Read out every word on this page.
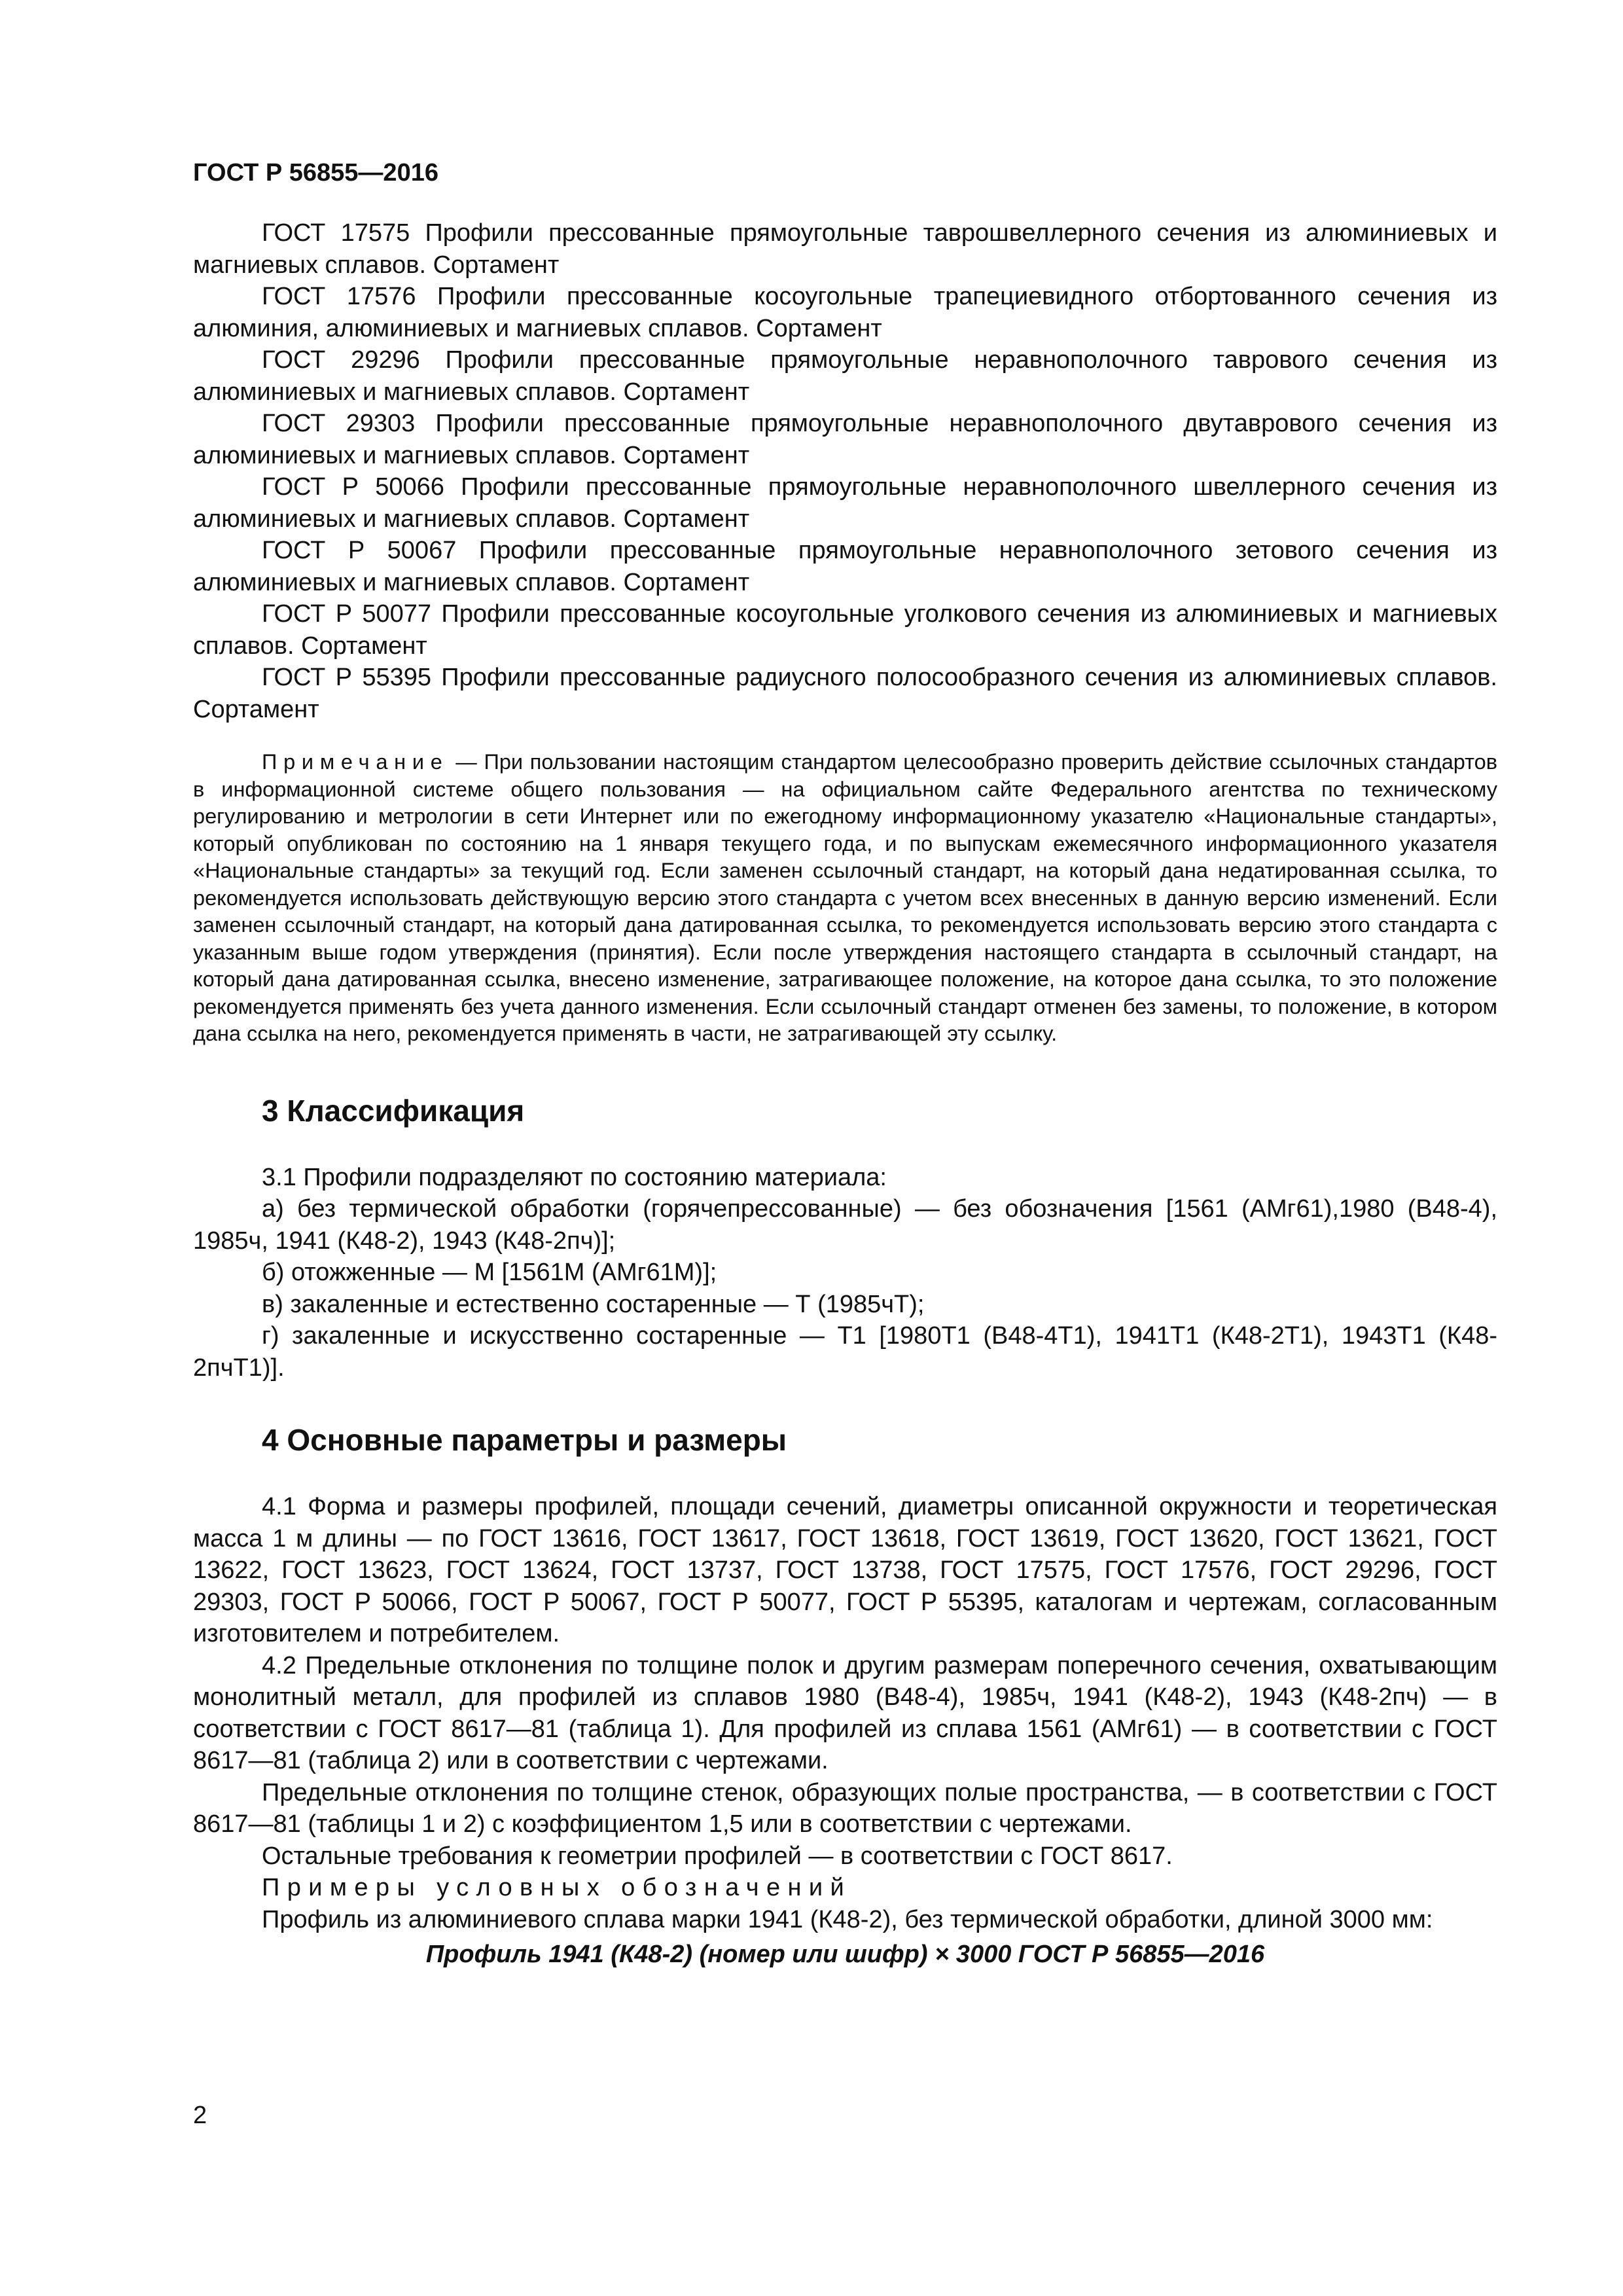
ГОСТ Р 56855—2016

ГОСТ 17575 Профили прессованные прямоугольные таврошвеллерного сечения из алюминиевых и магниевых сплавов. Сортамент

ГОСТ 17576 Профили прессованные косоугольные трапециевидного отбортованного сечения из алюминия, алюминиевых и магниевых сплавов. Сортамент

ГОСТ 29296 Профили прессованные прямоугольные неравнополочного таврового сечения из алюминиевых и магниевых сплавов. Сортамент

ГОСТ 29303 Профили прессованные прямоугольные неравнополочного двутаврового сечения из алюминиевых и магниевых сплавов. Сортамент

ГОСТ Р 50066 Профили прессованные прямоугольные неравнополочного швеллерного сечения из алюминиевых и магниевых сплавов. Сортамент

ГОСТ Р 50067 Профили прессованные прямоугольные неравнополочного зетового сечения из алюминиевых и магниевых сплавов. Сортамент

ГОСТ Р 50077 Профили прессованные косоугольные уголкового сечения из алюминиевых и магниевых сплавов. Сортамент

ГОСТ Р 55395 Профили прессованные радиусного полосообразного сечения из алюминиевых сплавов. Сортамент

Примечание — При пользовании настоящим стандартом целесообразно проверить действие ссылочных стандартов в информационной системе общего пользования — на официальном сайте Федерального агентства по техническому регулированию и метрологии в сети Интернет или по ежегодному информационному указателю «Национальные стандарты», который опубликован по состоянию на 1 января текущего года, и по выпускам ежемесячного информационного указателя «Национальные стандарты» за текущий год. Если заменен ссылочный стандарт, на который дана недатированная ссылка, то рекомендуется использовать действующую версию этого стандарта с учетом всех внесенных в данную версию изменений. Если заменен ссылочный стандарт, на который дана датированная ссылка, то рекомендуется использовать версию этого стандарта с указанным выше годом утверждения (принятия). Если после утверждения настоящего стандарта в ссылочный стандарт, на который дана датированная ссылка, внесено изменение, затрагивающее положение, на которое дана ссылка, то это положение рекомендуется применять без учета данного изменения. Если ссылочный стандарт отменен без замены, то положение, в котором дана ссылка на него, рекомендуется применять в части, не затрагивающей эту ссылку.
3 Классификация

3.1 Профили подразделяют по состоянию материала:

а) без термической обработки (горячепрессованные) — без обозначения [1561 (АМг61),1980 (В48-4), 1985ч, 1941 (К48-2), 1943 (К48-2пч)];

б) отожженные — М [1561М (АМг61М)];

в) закаленные и естественно состаренные — Т (1985чТ);

г) закаленные и искусственно состаренные — Т1 [1980Т1 (В48-4Т1), 1941Т1 (К48-2Т1), 1943Т1 (К48-2пчТ1)].

4 Основные параметры и размеры

4.1 Форма и размеры профилей, площади сечений, диаметры описанной окружности и теоретическая масса 1 м длины — по ГОСТ 13616, ГОСТ 13617, ГОСТ 13618, ГОСТ 13619, ГОСТ 13620, ГОСТ 13621, ГОСТ 13622, ГОСТ 13623, ГОСТ 13624, ГОСТ 13737, ГОСТ 13738, ГОСТ 17575, ГОСТ 17576, ГОСТ 29296, ГОСТ 29303, ГОСТ Р 50066, ГОСТ Р 50067, ГОСТ Р 50077, ГОСТ Р 55395, каталогам и чертежам, согласованным изготовителем и потребителем.

4.2 Предельные отклонения по толщине полок и другим размерам поперечного сечения, охватывающим монолитный металл, для профилей из сплавов 1980 (В48-4), 1985ч, 1941 (К48-2), 1943 (К48-2пч) — в соответствии с ГОСТ 8617—81 (таблица 1). Для профилей из сплава 1561 (АМг61) — в соответствии с ГОСТ 8617—81 (таблица 2) или в соответствии с чертежами.

Предельные отклонения по толщине стенок, образующих полые пространства, — в соответствии с ГОСТ 8617—81 (таблицы 1 и 2) с коэффициентом 1,5 или в соответствии с чертежами.

Остальные требования к геометрии профилей — в соответствии с ГОСТ 8617.

Примеры условных обозначений

Профиль из алюминиевого сплава марки 1941 (К48-2), без термической обработки, длиной 3000 мм:

Профиль 1941 (К48-2) (номер или шифр) × 3000 ГОСТ Р 56855—2016
2
